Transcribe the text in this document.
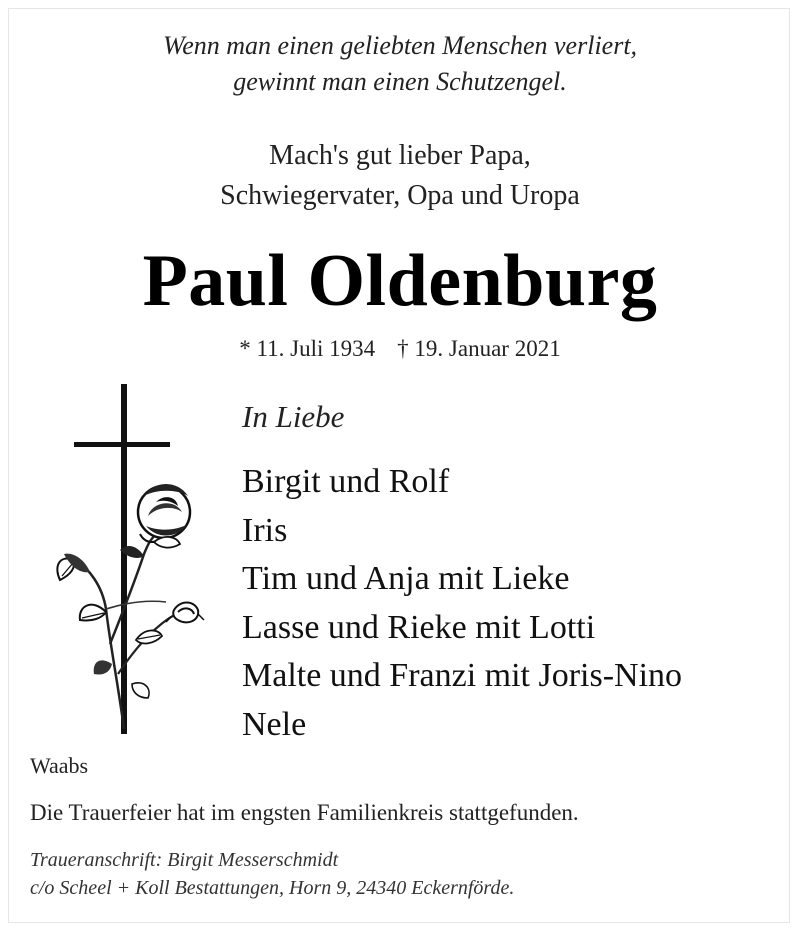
Wenn man einen geliebten Menschen verliert,
gewinnt man einen Schutzengel.
Mach's gut lieber Papa,
Schwiegervater, Opa und Uropa
Paul Oldenburg
* 11. Juli 1934 † 19. Januar 2021
In Liebe
Birgit und Rolf
Iris
Tim und Anja mit Lieke
Lasse und Rieke mit Lotti
Malte und Franzi mit Joris-Nino
Nele
Waabs
Die Trauerfeier hat im engsten Familienkreis stattgefunden.
Traueranschrift: Birgit Messerschmidt
c/o Scheel + Koll Bestattungen, Horn 9, 24340 Eckernförde.
